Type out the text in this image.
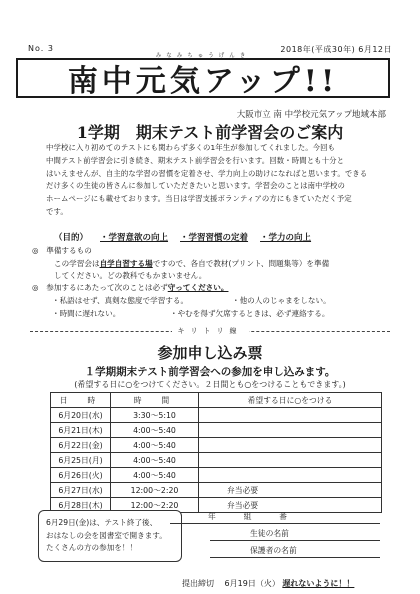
No. 3	2018年(平成30年) 6月12日
みなみちゅうげんき
南中元気アップ!!
大阪市立 南 中学校元気アップ地域本部
1学期　期末テスト前学習会のご案内
中学校に入り初めてのテストにも関わらず多くの1年生が参加してくれました。今回も
中間テスト前学習会に引き続き、期末テスト前学習会を行います。回数・時間とも十分と
はいえませんが、自主的な学習の習慣を定着させ、学力向上の助けになればと思います。できる
だけ多くの生徒の皆さんに参加していただきたいと思います。学習会のことは南中学校の
ホームページにも載せております。当日は学習支援ボランティアの方にもきていただく予定
です。
（目的） ・学習意欲の向上 ・学習習慣の定着 ・学力の向上
◎　準備するもの
この学習会は自学自習する場ですので、各自で教材(プリント、問題集等）を準備
してください。どの教科でもかまいません。
◎　参加するにあたって次のことは必ず守ってください。
・私語はせず、真剣な態度で学習する。	・他の人のじゃまをしない。
・時間に遅れない。	・やむを得ず欠席するときは、必ず連絡する。
キリトリ線
参加申し込み票
１学期期末テスト前学習会への参加を申し込みます。
(希望する日に○をつけてください。２日間とも○をつけることもできます。)
日　時	時　間	希望する日に○をつける
6月20日(水)	3:30～5:10	
6月21日(木)	4:00～5:40	
6月22日(金)	4:00～5:40	
6月25日(月)	4:00～5:40	
6月26日(火)	4:00～5:40	
6月27日(水)	12:00～2:20	弁当必要
6月28日(木)	12:00～2:20	弁当必要
6月29日(金)は、テスト終了後、
おはなしの会を図書室で開きます。
たくさんの方の参加を！！
年　組　番
生徒の名前
保護者の名前
提出締切 6月19日（火） 遅れないように！！
